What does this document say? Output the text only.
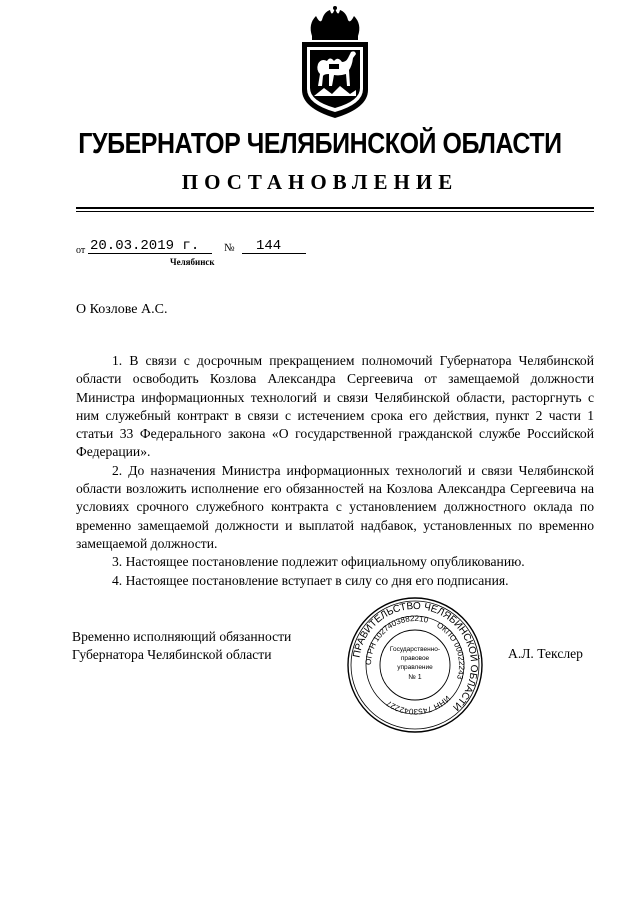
ГУБЕРНАТОР ЧЕЛЯБИНСКОЙ ОБЛАСТИ
ПОСТАНОВЛЕНИЕ
от 20.03.2019 г.	№	144
Челябинск
О Козлове А.С.

1. В связи с досрочным прекращением полномочий Губернатора Челябинской области освободить Козлова Александра Сергеевича от замещаемой должности Министра информационных технологий и связи Челябинской области, расторгнуть с ним служебный контракт в связи с истечением срока его действия, пункт 2 части 1 статьи 33 Федерального закона «О государственной гражданской службе Российской Федерации».

2. До назначения Министра информационных технологий и связи Челябинской области возложить исполнение его обязанностей на Козлова Александра Сергеевича на условиях срочного служебного контракта с установлением должностного оклада по временно замещаемой должности и выплатой надбавок, установленных по временно замещаемой должности.

3. Настоящее постановление подлежит официальному опубликованию.

4. Настоящее постановление вступает в силу со дня его подписания.

Временно исполняющий обязанности
Губернатора Челябинской области	А.Л. Текслер
ПРАВИТЕЛЬСТВО ЧЕЛЯБИНСКОЙ ОБЛАСТИ
ОГРН 1027403882210
ОКПО 00022243
ИНН 7453042227
Государственно-
правовое
управление
№ 1
